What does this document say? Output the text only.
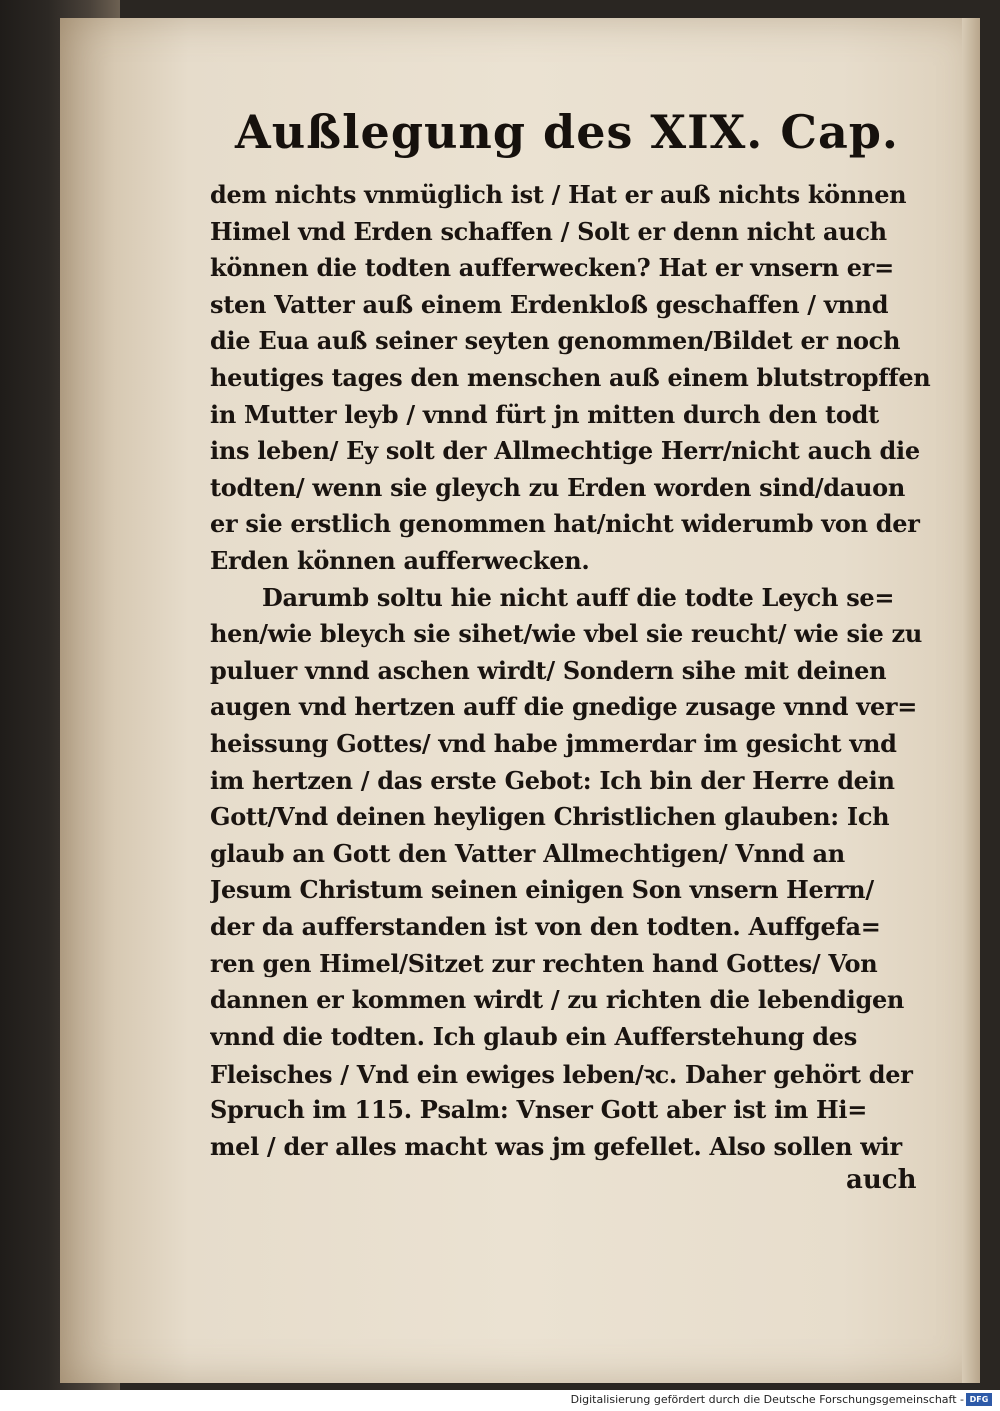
Außlegung des XIX. Cap.
dem nichts vnmüglich ist / Hat er auß nichts können
Himel vnd Erden schaffen / Solt er denn nicht auch
können die todten aufferwecken? Hat er vnsern er=
sten Vatter auß einem Erdenkloß geschaffen / vnnd
die Eua auß seiner seyten genommen/Bildet er noch
heutiges tages den menschen auß einem blutstropffen
in Mutter leyb / vnnd fürt jn mitten durch den todt
ins leben/ Ey solt der Allmechtige Herr/nicht auch die
todten/ wenn sie gleych zu Erden worden sind/dauon
er sie erstlich genommen hat/nicht widerumb von der
Erden können aufferwecken.
Darumb soltu hie nicht auff die todte Leych se=
hen/wie bleych sie sihet/wie vbel sie reucht/ wie sie zu
puluer vnnd aschen wirdt/ Sondern sihe mit deinen
augen vnd hertzen auff die gnedige zusage vnnd ver=
heissung Gottes/ vnd habe jmmerdar im gesicht vnd
im hertzen / das erste Gebot: Ich bin der Herre dein
Gott/Vnd deinen heyligen Christlichen glauben: Ich
glaub an Gott den Vatter Allmechtigen/ Vnnd an
Jesum Christum seinen einigen Son vnsern Herrn/
der da aufferstanden ist von den todten. Auffgefa=
ren gen Himel/Sitzet zur rechten hand Gottes/ Von
dannen er kommen wirdt / zu richten die lebendigen
vnnd die todten. Ich glaub ein Aufferstehung des
Fleisches / Vnd ein ewiges leben/ꝛc. Daher gehört der
Spruch im 115. Psalm: Vnser Gott aber ist im Hi=
mel / der alles macht was jm gefellet. Also sollen wir
auch
Digitalisierung gefördert durch die Deutsche Forschungsgemeinschaft - DFG
